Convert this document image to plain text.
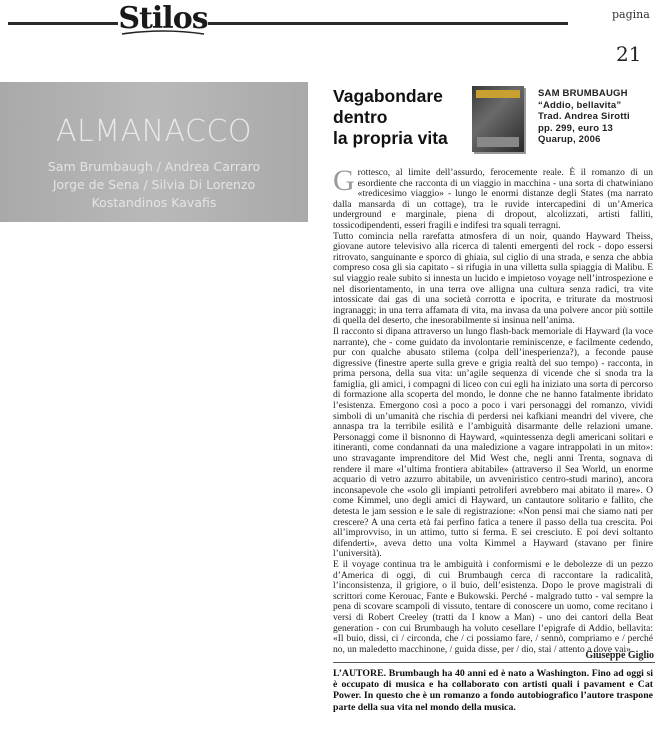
Stilos	pagina
21
ALMANACCO
Sam Brumbaugh / Andrea Carraro
Jorge de Sena / Silvia Di Lorenzo
Kostandinos Kavafis
Vagabondare
dentro
la propria vita
SAM BRUMBAUGH
“Addio, bellavita”
Trad. Andrea Sirotti
pp. 299, euro 13
Quarup, 2006

Grottesco, al limite dell’assurdo, ferocemente reale. È il romanzo di un esordiente che racconta di un viaggio in macchina - una sorta di chatwiniano «tredicesimo viaggio» - lungo le enormi distanze degli States (ma narrato dalla mansarda di un cottage), tra le ruvide intercapedini di un’America underground e marginale, piena di dropout, alcolizzati, artisti falliti, tossicodipendenti, esseri fragili e indifesi tra squali terragni.

Tutto comincia nella rarefatta atmosfera di un noir, quando Hayward Theiss, giovane autore televisivo alla ricerca di talenti emergenti del rock - dopo essersi ritrovato, sanguinante e sporco di ghiaia, sul ciglio di una strada, e senza che abbia compreso cosa gli sia capitato - si rifugia in una villetta sulla spiaggia di Malibu. E sul viaggio reale subito si innesta un lucido e impietoso voyage nell’introspezione e nel disorientamento, in una terra ove alligna una cultura senza radici, tra vite intossicate dai gas di una società corrotta e ipocrita, e triturate da mostruosi ingranaggi; in una terra affamata di vita, ma invasa da una polvere ancor più sottile di quella del deserto, che inesorabilmente si insinua nell’anima.

Il racconto si dipana attraverso un lungo flash-back memoriale di Hayward (la voce narrante), che - come guidato da involontarie reminiscenze, e facilmente cedendo, pur con qualche abusato stilema (colpa dell’inesperienza?), a feconde pause digressive (finestre aperte sulla greve e grigia realtà del suo tempo) - racconta, in prima persona, della sua vita: un’agile sequenza di vicende che si snoda tra la famiglia, gli amici, i compagni di liceo con cui egli ha iniziato una sorta di percorso di formazione alla scoperta del mondo, le donne che ne hanno fatalmente ibridato l’esistenza. Emergono così a poco a poco i vari personaggi del romanzo, vividi simboli di un’umanità che rischia di perdersi nei kafkiani meandri del vivere, che annaspa tra la terribile esilità e l’ambiguità disarmante delle relazioni umane. Personaggi come il bisnonno di Hayward, «quintessenza degli americani solitari e itineranti, come condannati da una maledizione a vagare intrappolati in un mito»: uno stravagante imprenditore del Mid West che, negli anni Trenta, sognava di rendere il mare «l’ultima frontiera abitabile» (attraverso il Sea World, un enorme acquario di vetro azzurro abitabile, un avveniristico centro-studi marino), ancora inconsapevole che «solo gli impianti petroliferi avrebbero mai abitato il mare». O come Kimmel, uno degli amici di Hayward, un cantautore solitario e fallito, che detesta le jam session e le sale di registrazione: «Non pensi mai che siamo nati per crescere? A una certa età fai perfino fatica a tenere il passo della tua crescita. Poi all’improvviso, in un attimo, tutto si ferma. E sei cresciuto. E poi devi soltanto difenderti», aveva detto una volta Kimmel a Hayward (stavano per finire l’università).

E il voyage continua tra le ambiguità i conformismi e le debolezze di un pezzo d’America di oggi, di cui Brumbaugh cerca di raccontare la radicalità, l’inconsistenza, il grigiore, o il buio, dell’esistenza. Dopo le prove magistrali di scrittori come Kerouac, Fante e Bukowski. Perché - malgrado tutto - val sempre la pena di scovare scampoli di vissuto, tentare di conoscere un uomo, come recitano i versi di Robert Creeley (tratti da I know a Man) - uno dei cantori della Beat generation - con cui Brumbaugh ha voluto cesellare l’epigrafe di Addio, bellavita: «Il buio, dissi, ci / circonda, che / ci possiamo fare, / sennò, compriamo e / perché no, un maledetto macchinone, / guida disse, per / dio, stai / attento a dove vai».

Giuseppe Giglio
L’AUTORE. Brumbaugh ha 40 anni ed è nato a Washington. Fino ad oggi si è occupato di musica e ha collaborato con artisti quali i pavament e Cat Power. In questo che è un romanzo a fondo autobiografico l’autore traspone parte della sua vita nel mondo della musica.
